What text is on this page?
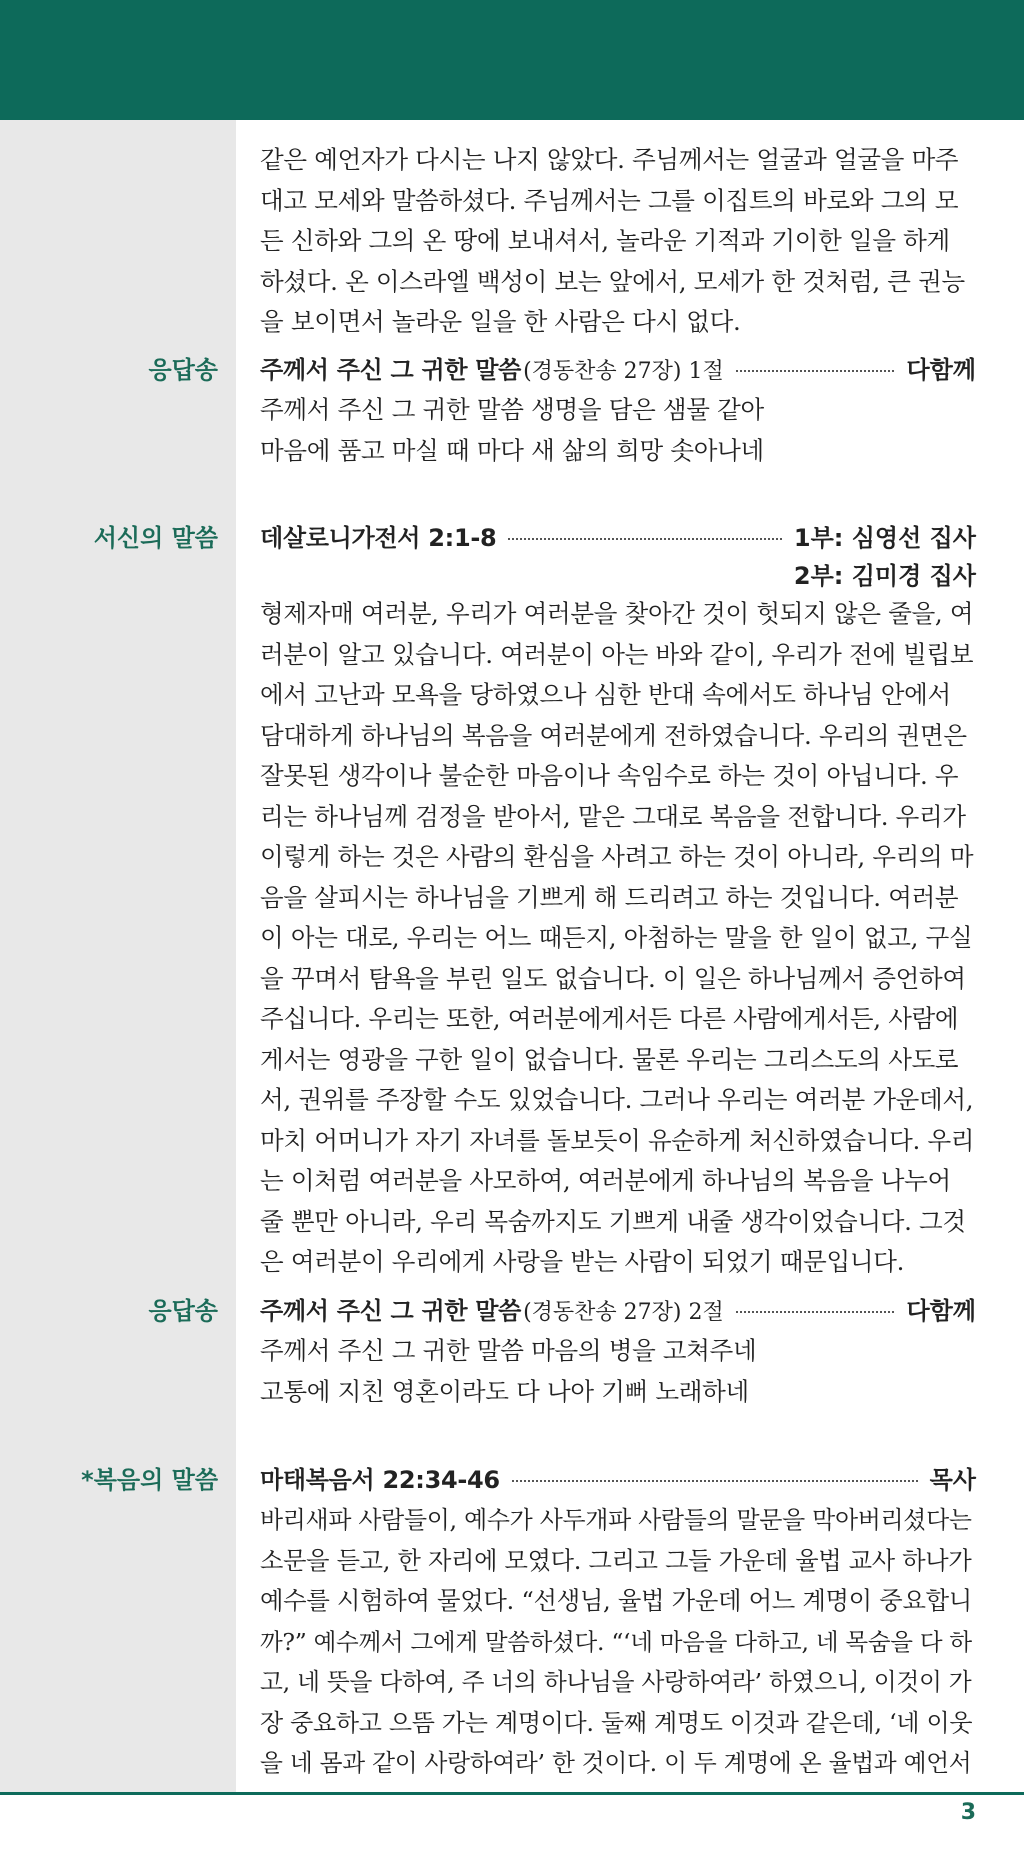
같은 예언자가 다시는 나지 않았다. 주님께서는 얼굴과 얼굴을 마주

대고 모세와 말씀하셨다. 주님께서는 그를 이집트의 바로와 그의 모

든 신하와 그의 온 땅에 보내셔서, 놀라운 기적과 기이한 일을 하게

하셨다. 온 이스라엘 백성이 보는 앞에서, 모세가 한 것처럼, 큰 권능

을 보이면서 놀라운 일을 한 사람은 다시 없다.

응답송 주께서 주신 그 귀한 말씀 (경동찬송 27장) 1절	다함께

주께서 주신 그 귀한 말씀 생명을 담은 샘물 같아

마음에 품고 마실 때 마다 새 삶의 희망 솟아나네

서신의 말씀 데살로니가전서 2:1-8	1부: 심영선 집사
2부: 김미경 집사

형제자매 여러분, 우리가 여러분을 찾아간 것이 헛되지 않은 줄을, 여

러분이 알고 있습니다. 여러분이 아는 바와 같이, 우리가 전에 빌립보

에서 고난과 모욕을 당하였으나 심한 반대 속에서도 하나님 안에서

담대하게 하나님의 복음을 여러분에게 전하였습니다. 우리의 권면은

잘못된 생각이나 불순한 마음이나 속임수로 하는 것이 아닙니다. 우

리는 하나님께 검정을 받아서, 맡은 그대로 복음을 전합니다. 우리가

이렇게 하는 것은 사람의 환심을 사려고 하는 것이 아니라, 우리의 마

음을 살피시는 하나님을 기쁘게 해 드리려고 하는 것입니다. 여러분

이 아는 대로, 우리는 어느 때든지, 아첨하는 말을 한 일이 없고, 구실

을 꾸며서 탐욕을 부린 일도 없습니다. 이 일은 하나님께서 증언하여

주십니다. 우리는 또한, 여러분에게서든 다른 사람에게서든, 사람에

게서는 영광을 구한 일이 없습니다. 물론 우리는 그리스도의 사도로

서, 권위를 주장할 수도 있었습니다. 그러나 우리는 여러분 가운데서,

마치 어머니가 자기 자녀를 돌보듯이 유순하게 처신하였습니다. 우리

는 이처럼 여러분을 사모하여, 여러분에게 하나님의 복음을 나누어

줄 뿐만 아니라, 우리 목숨까지도 기쁘게 내줄 생각이었습니다. 그것

은 여러분이 우리에게 사랑을 받는 사람이 되었기 때문입니다.

응답송 주께서 주신 그 귀한 말씀 (경동찬송 27장) 2절	다함께

주께서 주신 그 귀한 말씀 마음의 병을 고쳐주네

고통에 지친 영혼이라도 다 나아 기뻐 노래하네

*복음의 말씀 마태복음서 22:34-46	목사

바리새파 사람들이, 예수가 사두개파 사람들의 말문을 막아버리셨다는

소문을 듣고, 한 자리에 모였다. 그리고 그들 가운데 율법 교사 하나가

예수를 시험하여 물었다. “선생님, 율법 가운데 어느 계명이 중요합니

까?” 예수께서 그에게 말씀하셨다. “‘네 마음을 다하고, 네 목숨을 다 하

고, 네 뜻을 다하여, 주 너의 하나님을 사랑하여라’ 하였으니, 이것이 가

장 중요하고 으뜸 가는 계명이다. 둘째 계명도 이것과 같은데, ‘네 이웃

을 네 몸과 같이 사랑하여라’ 한 것이다. 이 두 계명에 온 율법과 예언서

3
